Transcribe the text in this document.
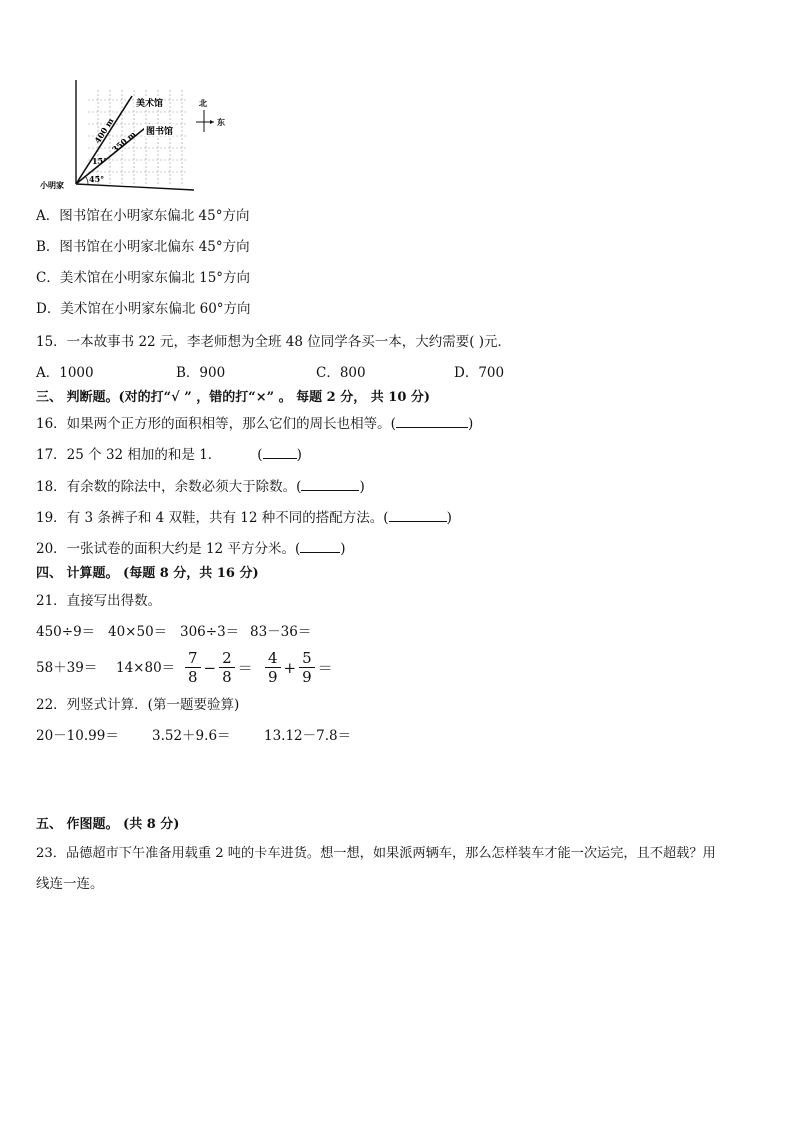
美术馆
图书馆
400 m
350 m
15°
45°
小明家
北
东
A．图书馆在小明家东偏北 45°方向
B．图书馆在小明家北偏东 45°方向
C．美术馆在小明家东偏北 15°方向
D．美术馆在小明家东偏北 60°方向
15．一本故事书 22 元，李老师想为全班 48 位同学各买一本，大约需要( )元．
A．1000	B．900	C．800	D．700
三、 判断题。(对的打“√ ” ，错的打“×” 。 每题 2 分， 共 10 分)
16．如果两个正方形的面积相等，那么它们的周长也相等。(	)
17．25 个 32 相加的和是 1．	(	)
18．有余数的除法中，余数必须大于除数。(	)
19．有 3 条裤子和 4 双鞋，共有 12 种不同的搭配方法。(	)
20．一张试卷的面积大约是 12 平方分米。(	)
四、 计算题。 (每题 8 分，共 16 分)
21．直接写出得数。
450÷9＝ 40×50＝ 306÷3＝ 83－36＝
$58+39= 14\times 80= \frac{7}{8} - \frac{2}{8} = \frac{4}{9} + \frac{5}{9}$ ＝
22．列竖式计算．(第一题要验算)
20－10.99＝ 3.52＋9.6＝ 13.12－7.8＝
五、 作图题。 (共 8 分)
23．品德超市下午准备用载重 2 吨的卡车进货。想一想，如果派两辆车，那么怎样装车才能一次运完，且不超载？用
线连一连。
